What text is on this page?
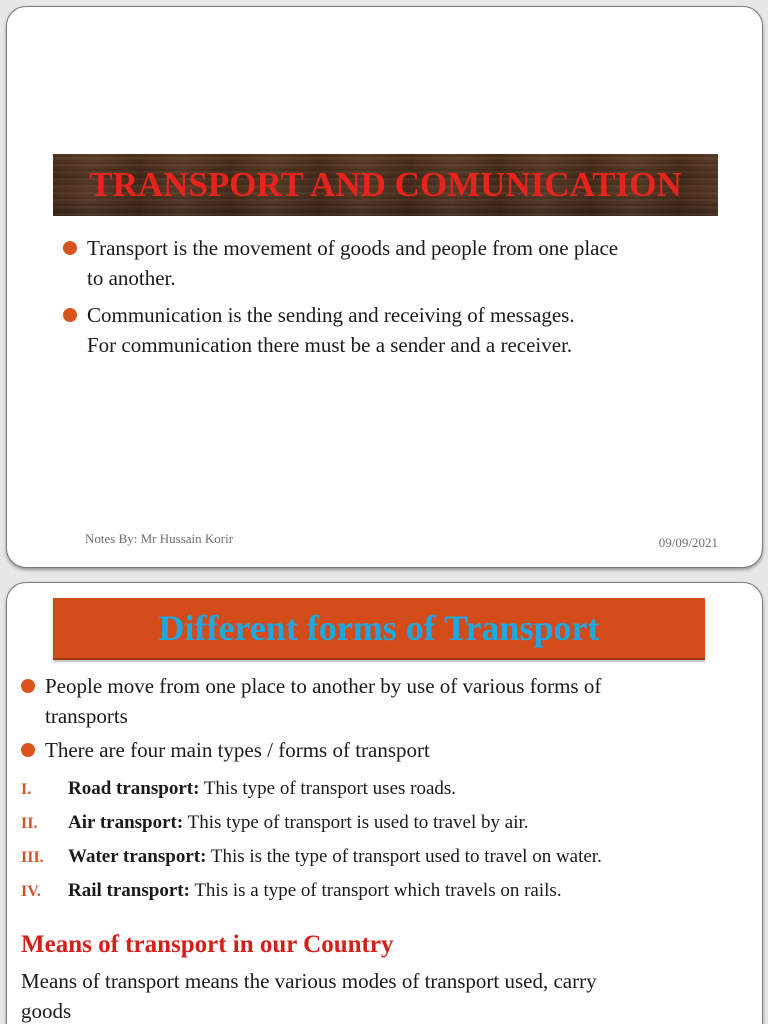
TRANSPORT AND COMUNICATION
Transport is the movement of goods and people from one place
to another.
Communication is the sending and receiving of messages.
For communication there must be a sender and a receiver.
Notes By: Mr Hussain Korir	09/09/2021
Different forms of Transport
People move from one place to another by use of various forms of
transports
There are four main types / forms of transport
I. Road transport: This type of transport uses roads.
II. Air transport: This type of transport is used to travel by air.
III. Water transport: This is the type of transport used to travel on water.
IV. Rail transport: This is a type of transport which travels on rails.
Means of transport in our Country
Means of transport means the various modes of transport used, carry
goods
